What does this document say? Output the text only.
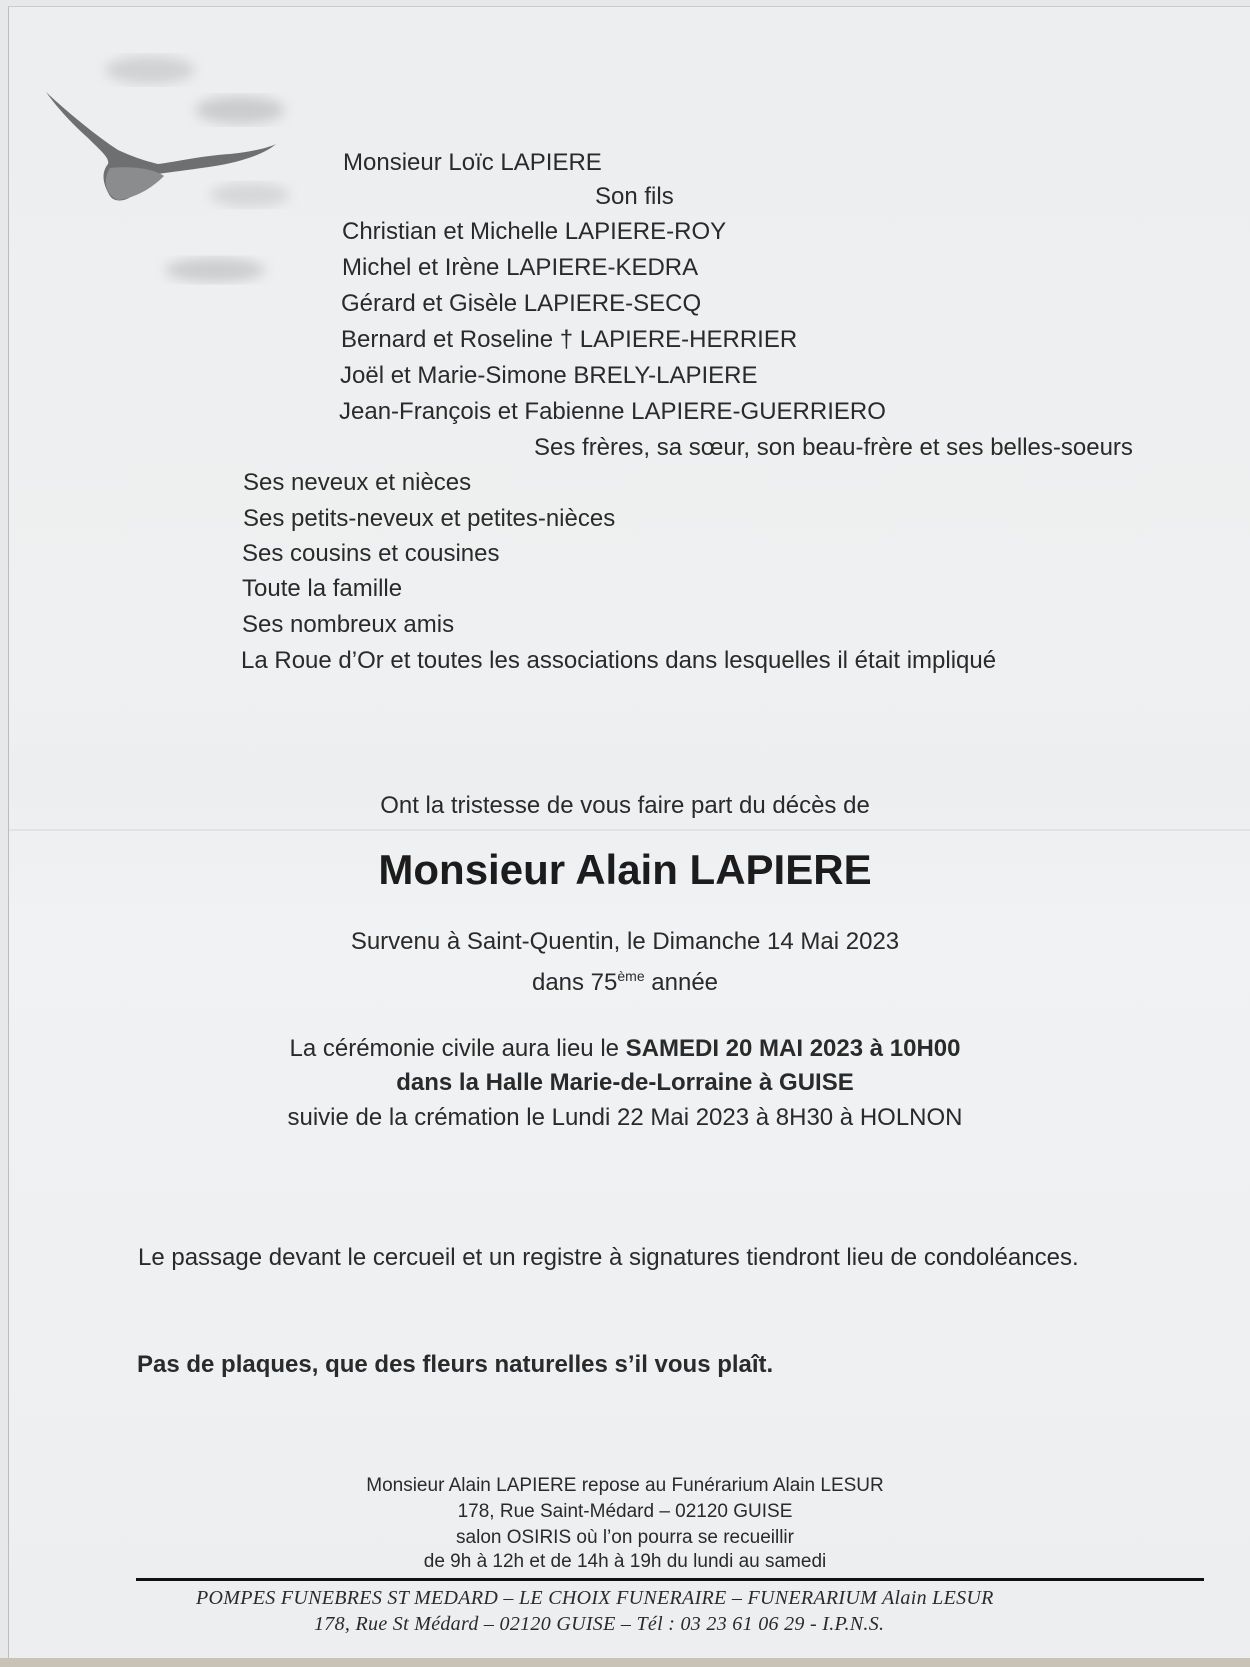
Monsieur Loïc LAPIERE
Son fils
Christian et Michelle LAPIERE-ROY
Michel et Irène LAPIERE-KEDRA
Gérard et Gisèle LAPIERE-SECQ
Bernard et Roseline † LAPIERE-HERRIER
Joël et Marie-Simone BRELY-LAPIERE
Jean-François et Fabienne LAPIERE-GUERRIERO
Ses frères, sa sœur, son beau-frère et ses belles-soeurs
Ses neveux et nièces
Ses petits-neveux et petites-nièces
Ses cousins et cousines
Toute la famille
Ses nombreux amis
La Roue d’Or et toutes les associations dans lesquelles il était impliqué
Ont la tristesse de vous faire part du décès de
Monsieur Alain LAPIERE
Survenu à Saint-Quentin, le Dimanche 14 Mai 2023
dans 75ème année
La cérémonie civile aura lieu le SAMEDI 20 MAI 2023 à 10H00
dans la Halle Marie-de-Lorraine à GUISE
suivie de la crémation le Lundi 22 Mai 2023 à 8H30 à HOLNON
Le passage devant le cercueil et un registre à signatures tiendront lieu de condoléances.
Pas de plaques, que des fleurs naturelles s’il vous plaît.
Monsieur Alain LAPIERE repose au Funérarium Alain LESUR
178, Rue Saint-Médard – 02120 GUISE
salon OSIRIS où l’on pourra se recueillir
de 9h à 12h et de 14h à 19h du lundi au samedi
POMPES FUNEBRES ST MEDARD – LE CHOIX FUNERAIRE – FUNERARIUM Alain LESUR
178, Rue St Médard – 02120 GUISE – Tél : 03 23 61 06 29 - I.P.N.S.
